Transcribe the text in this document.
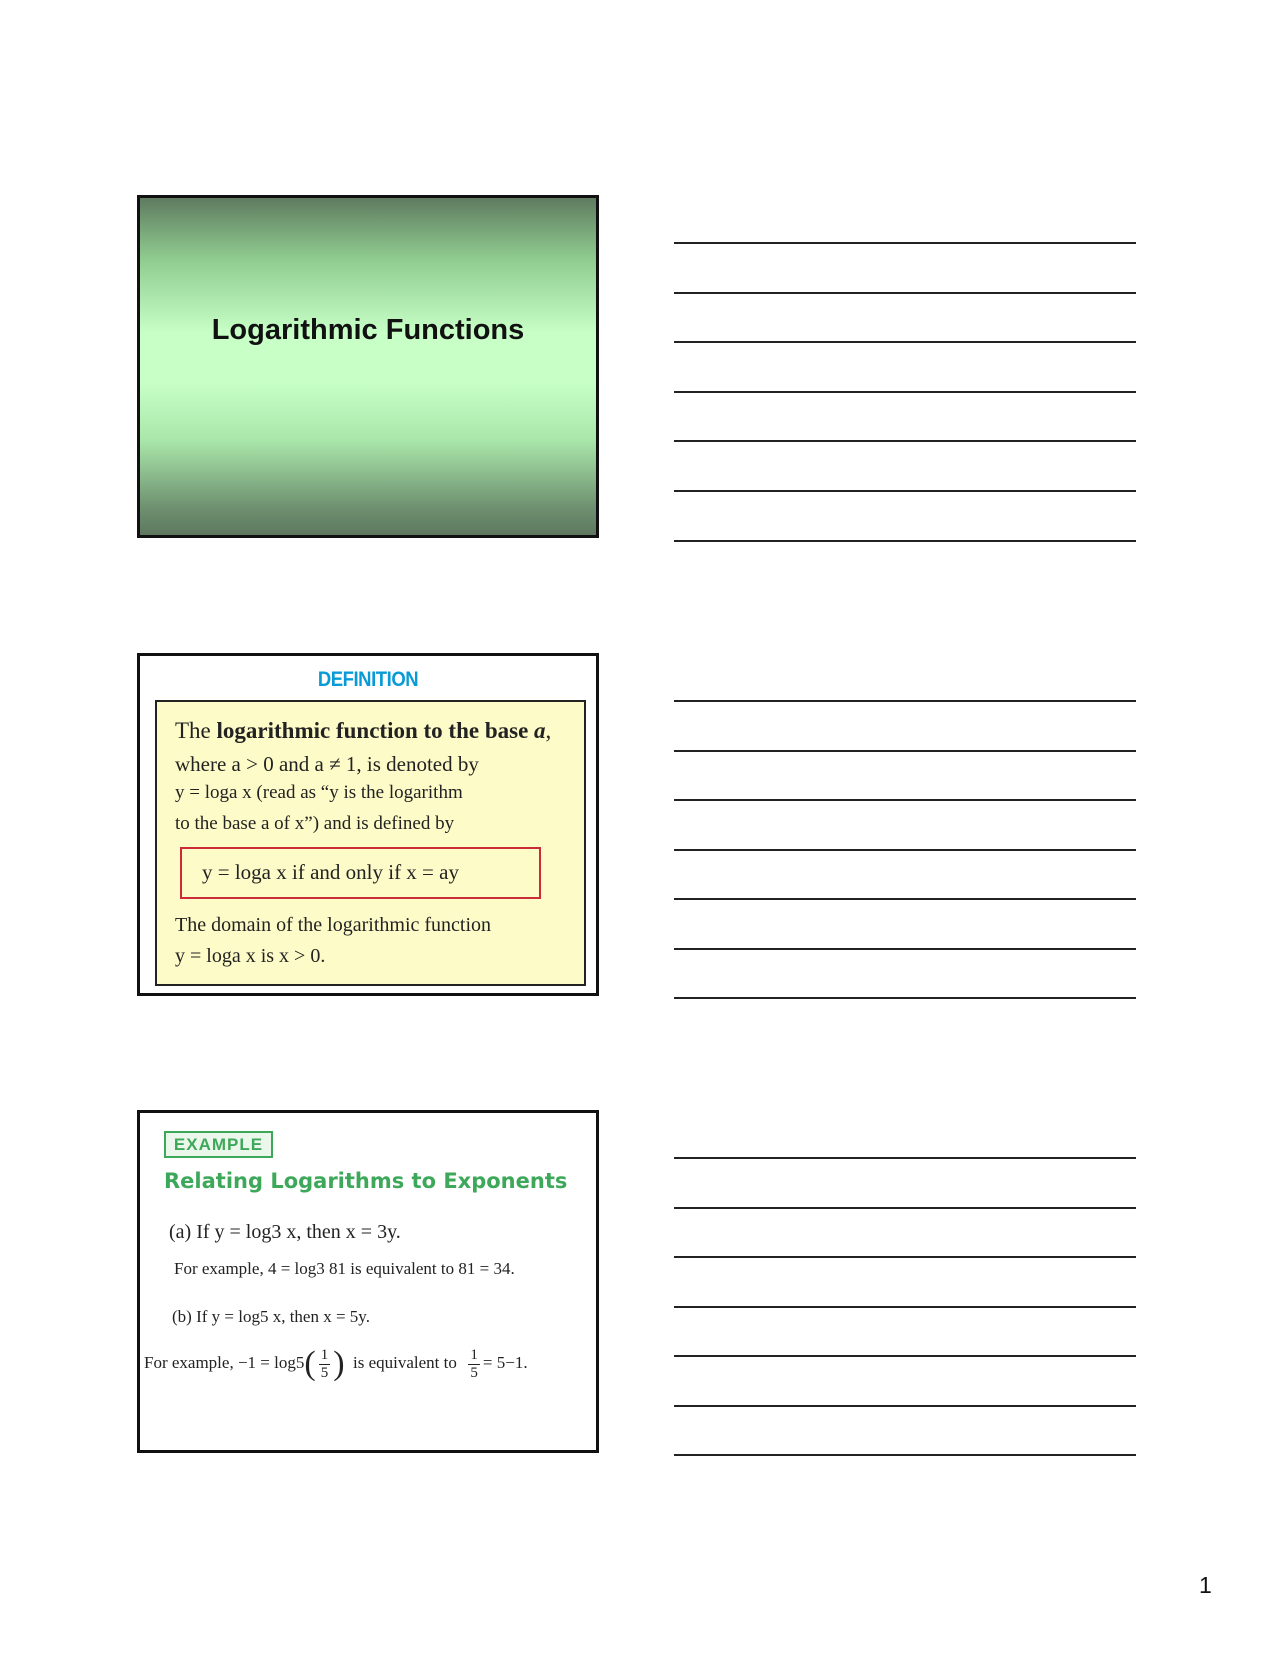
Logarithmic Functions
DEFINITION
The logarithmic function to the base a,
where a > 0 and a ≠ 1, is denoted by
y = loga x (read as “y is the logarithm
to the base a of x”) and is defined by
y = loga x if and only if x = ay
The domain of the logarithmic function
y = loga x is x > 0.
EXAMPLE
Relating Logarithms to Exponents
(a) If y = log3 x, then x = 3y.
For example, 4 = log3 81 is equivalent to 81 = 34.
(b) If y = log5 x, then x = 5y.
For example, $-1 = \log 5( \frac{1}{5}$ ) is equivalent to $\frac{1}{5} = 5-1$.
1
